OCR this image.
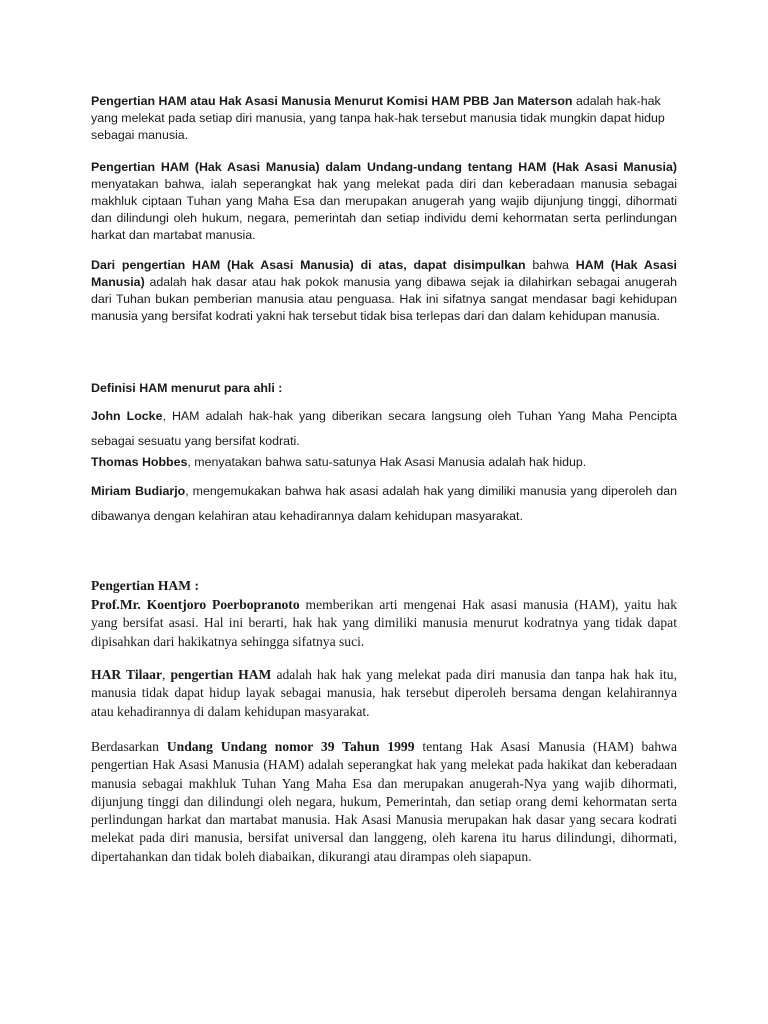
Pengertian HAM atau Hak Asasi Manusia Menurut Komisi HAM PBB Jan Materson adalah hak-hak yang melekat pada setiap diri manusia, yang tanpa hak-hak tersebut manusia tidak mungkin dapat hidup sebagai manusia.

Pengertian HAM (Hak Asasi Manusia) dalam Undang-undang tentang HAM (Hak Asasi Manusia) menyatakan bahwa, ialah seperangkat hak yang melekat pada diri dan keberadaan manusia sebagai makhluk ciptaan Tuhan yang Maha Esa dan merupakan anugerah yang wajib dijunjung tinggi, dihormati dan dilindungi oleh hukum, negara, pemerintah dan setiap individu demi kehormatan serta perlindungan harkat dan martabat manusia.

Dari pengertian HAM (Hak Asasi Manusia) di atas, dapat disimpulkan bahwa HAM (Hak Asasi Manusia) adalah hak dasar atau hak pokok manusia yang dibawa sejak ia dilahirkan sebagai anugerah dari Tuhan bukan pemberian manusia atau penguasa. Hak ini sifatnya sangat mendasar bagi kehidupan manusia yang bersifat kodrati yakni hak tersebut tidak bisa terlepas dari dan dalam kehidupan manusia.

Definisi HAM menurut para ahli :

John Locke, HAM adalah hak-hak yang diberikan secara langsung oleh Tuhan Yang Maha Pencipta sebagai sesuatu yang bersifat kodrati.

Thomas Hobbes, menyatakan bahwa satu-satunya Hak Asasi Manusia adalah hak hidup.

Miriam Budiarjo, mengemukakan bahwa hak asasi adalah hak yang dimiliki manusia yang diperoleh dan dibawanya dengan kelahiran atau kehadirannya dalam kehidupan masyarakat.

Pengertian HAM :

Prof.Mr. Koentjoro Poerbopranoto memberikan arti mengenai Hak asasi manusia (HAM), yaitu hak yang bersifat asasi. Hal ini berarti, hak hak yang dimiliki manusia menurut kodratnya yang tidak dapat dipisahkan dari hakikatnya sehingga sifatnya suci.

HAR Tilaar, pengertian HAM adalah hak hak yang melekat pada diri manusia dan tanpa hak hak itu, manusia tidak dapat hidup layak sebagai manusia, hak tersebut diperoleh bersama dengan kelahirannya atau kehadirannya di dalam kehidupan masyarakat.

Berdasarkan Undang Undang nomor 39 Tahun 1999 tentang Hak Asasi Manusia (HAM) bahwa pengertian Hak Asasi Manusia (HAM) adalah seperangkat hak yang melekat pada hakikat dan keberadaan manusia sebagai makhluk Tuhan Yang Maha Esa dan merupakan anugerah-Nya yang wajib dihormati, dijunjung tinggi dan dilindungi oleh negara, hukum, Pemerintah, dan setiap orang demi kehormatan serta perlindungan harkat dan martabat manusia. Hak Asasi Manusia merupakan hak dasar yang secara kodrati melekat pada diri manusia, bersifat universal dan langgeng, oleh karena itu harus dilindungi, dihormati, dipertahankan dan tidak boleh diabaikan, dikurangi atau dirampas oleh siapapun.
